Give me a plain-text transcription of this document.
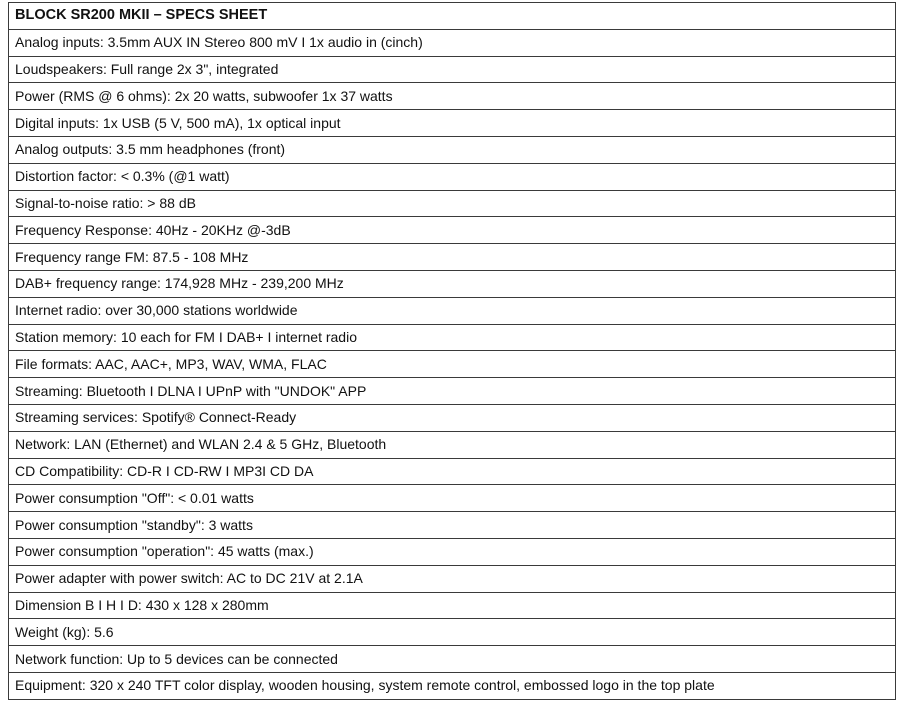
BLOCK SR200 MKII – SPECS SHEET
Analog inputs: 3.5mm AUX IN Stereo 800 mV I 1x audio in (cinch)
Loudspeakers: Full range 2x 3", integrated
Power (RMS @ 6 ohms): 2x 20 watts, subwoofer 1x 37 watts
Digital inputs: 1x USB (5 V, 500 mA), 1x optical input
Analog outputs: 3.5 mm headphones (front)
Distortion factor: < 0.3% (@1 watt)
Signal-to-noise ratio: > 88 dB
Frequency Response: 40Hz - 20KHz @-3dB
Frequency range FM: 87.5 - 108 MHz
DAB+ frequency range: 174,928 MHz - 239,200 MHz
Internet radio: over 30,000 stations worldwide
Station memory: 10 each for FM I DAB+ I internet radio
File formats: AAC, AAC+, MP3, WAV, WMA, FLAC
Streaming: Bluetooth I DLNA I UPnP with "UNDOK" APP
Streaming services: Spotify® Connect-Ready
Network: LAN (Ethernet) and WLAN 2.4 & 5 GHz, Bluetooth
CD Compatibility: CD-R I CD-RW I MP3I CD DA
Power consumption "Off": < 0.01 watts
Power consumption "standby": 3 watts
Power consumption "operation": 45 watts (max.)
Power adapter with power switch: AC to DC 21V at 2.1A
Dimension B I H I D: 430 x 128 x 280mm
Weight (kg): 5.6
Network function: Up to 5 devices can be connected
Equipment: 320 x 240 TFT color display, wooden housing, system remote control, embossed logo in the top plate
